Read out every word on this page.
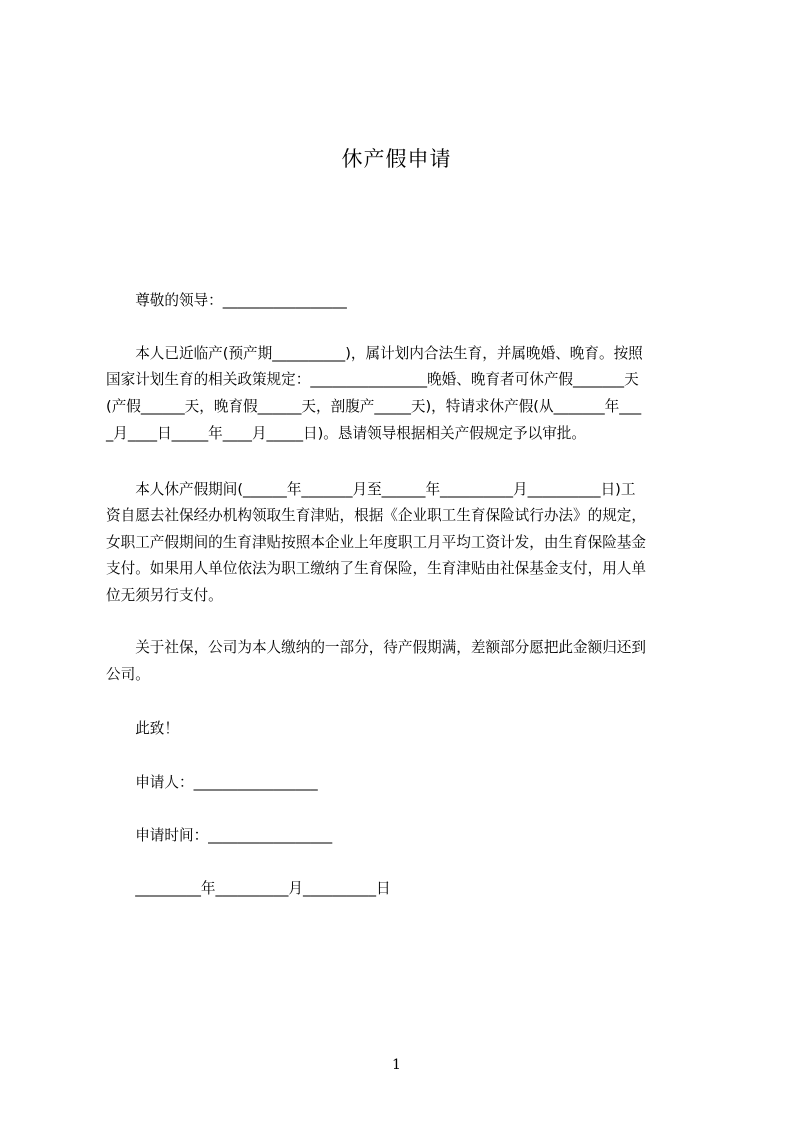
休产假申请

　　尊敬的领导：_________________

　　本人已近临产(预产期__________)，属计划内合法生育，并属晚婚、晚育。按照

国家计划生育的相关政策规定：________________晚婚、晚育者可休产假_______天

(产假______天，晚育假______天，剖腹产_____天)，特请求休产假(从_______年___

_月____日_____年____月_____日)。恳请领导根据相关产假规定予以审批。

　　本人休产假期间(______年_______月至______年__________月__________日)工

资自愿去社保经办机构领取生育津贴，根据《企业职工生育保险试行办法》的规定，

女职工产假期间的生育津贴按照本企业上年度职工月平均工资计发，由生育保险基金

支付。如果用人单位依法为职工缴纳了生育保险，生育津贴由社保基金支付，用人单

位无须另行支付。

　　关于社保，公司为本人缴纳的一部分，待产假期满，差额部分愿把此金额归还到

公司。

　　此致！

　　申请人：_________________

　　申请时间：_________________

　　_________年__________月__________日

1
